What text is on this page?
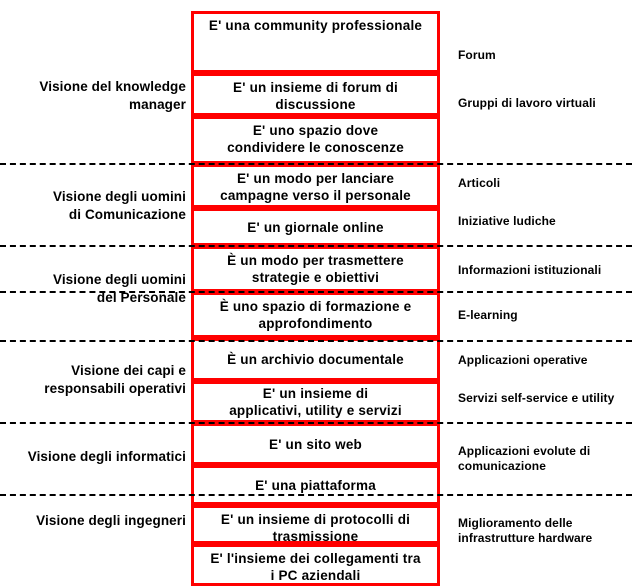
Visione del knowledge
manager
Visione degli uomini
di Comunicazione
Visione degli uomini
del Personale
Visione dei capi e
responsabili operativi
Visione degli informatici
Visione degli ingegneri
E' una community professionale
E' un insieme di forum di
discussione
E' uno spazio dove
condividere le conoscenze
E' un modo per lanciare
campagne verso il personale
E' un giornale online
È un modo per trasmettere
strategie e obiettivi
È uno spazio di formazione e
approfondimento
È un archivio documentale
E' un insieme di
applicativi, utility e servizi
E' un sito web
E' una piattaforma
E' un insieme di protocolli di
trasmissione
E' l'insieme dei collegamenti tra
i PC aziendali
Forum
Gruppi di lavoro virtuali
Articoli
Iniziative ludiche
Informazioni istituzionali
E-learning
Applicazioni operative
Servizi self-service e utility
Applicazioni evolute di
comunicazione
Miglioramento delle
infrastrutture hardware
